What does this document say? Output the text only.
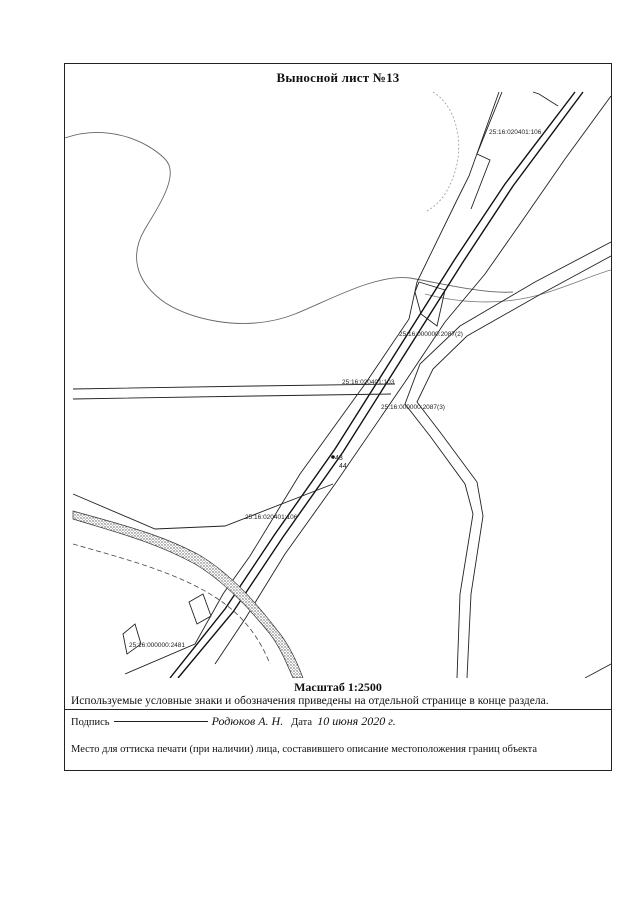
25:16:020401:106
25:16:000000:2087(2)
25:16:020401:103
25:16:000000:2087(3)
25:16:020401:106
25:16:000000:2481
43
44
Выносной лист №13
Масштаб 1:2500
Используемые условные знаки и обозначения приведены на отдельной странице в конце раздела.
Подпись	Родюков А. Н. Дата 10 июня 2020 г.
Место для оттиска печати (при наличии) лица, составившего описание местоположения границ объекта
